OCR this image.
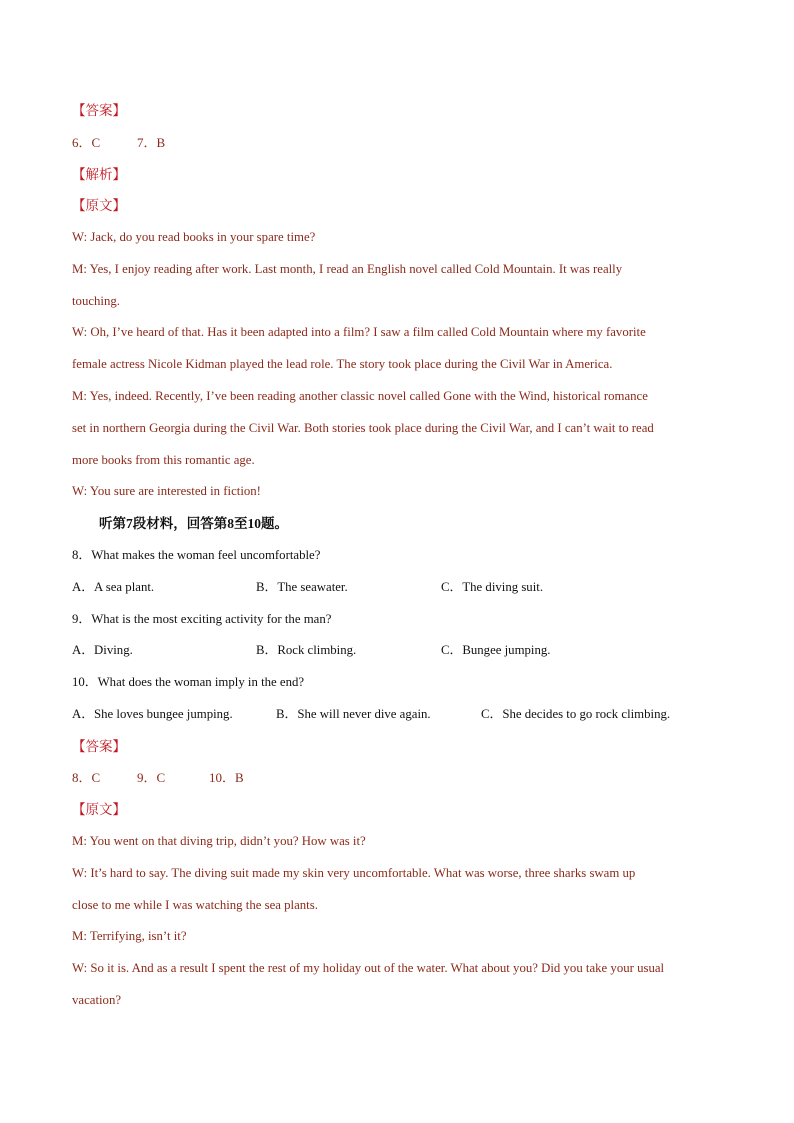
【答案】
6．C	7．B
【解析】
【原文】
W: Jack, do you read books in your spare time?
M: Yes, I enjoy reading after work. Last month, I read an English novel called Cold Mountain. It was really
touching.
W: Oh, I’ve heard of that. Has it been adapted into a film? I saw a film called Cold Mountain where my favorite
female actress Nicole Kidman played the lead role. The story took place during the Civil War in America.
M: Yes, indeed. Recently, I’ve been reading another classic novel called Gone with the Wind, historical romance
set in northern Georgia during the Civil War. Both stories took place during the Civil War, and I can’t wait to read
more books from this romantic age.
W: You sure are interested in fiction!
听第7段材料，回答第8至10题。
8．What makes the woman feel uncomfortable?
A．A sea plant.	B．The seawater.	C．The diving suit.
9．What is the most exciting activity for the man?
A．Diving.	B．Rock climbing.	C．Bungee jumping.
10．What does the woman imply in the end?
A．She loves bungee jumping.	B．She will never dive again.	C．She decides to go rock climbing.
【答案】
8．C	9．C	10．B
【原文】
M: You went on that diving trip, didn’t you? How was it?
W: It’s hard to say. The diving suit made my skin very uncomfortable. What was worse, three sharks swam up
close to me while I was watching the sea plants.
M: Terrifying, isn’t it?
W: So it is. And as a result I spent the rest of my holiday out of the water. What about you? Did you take your usual
vacation?
